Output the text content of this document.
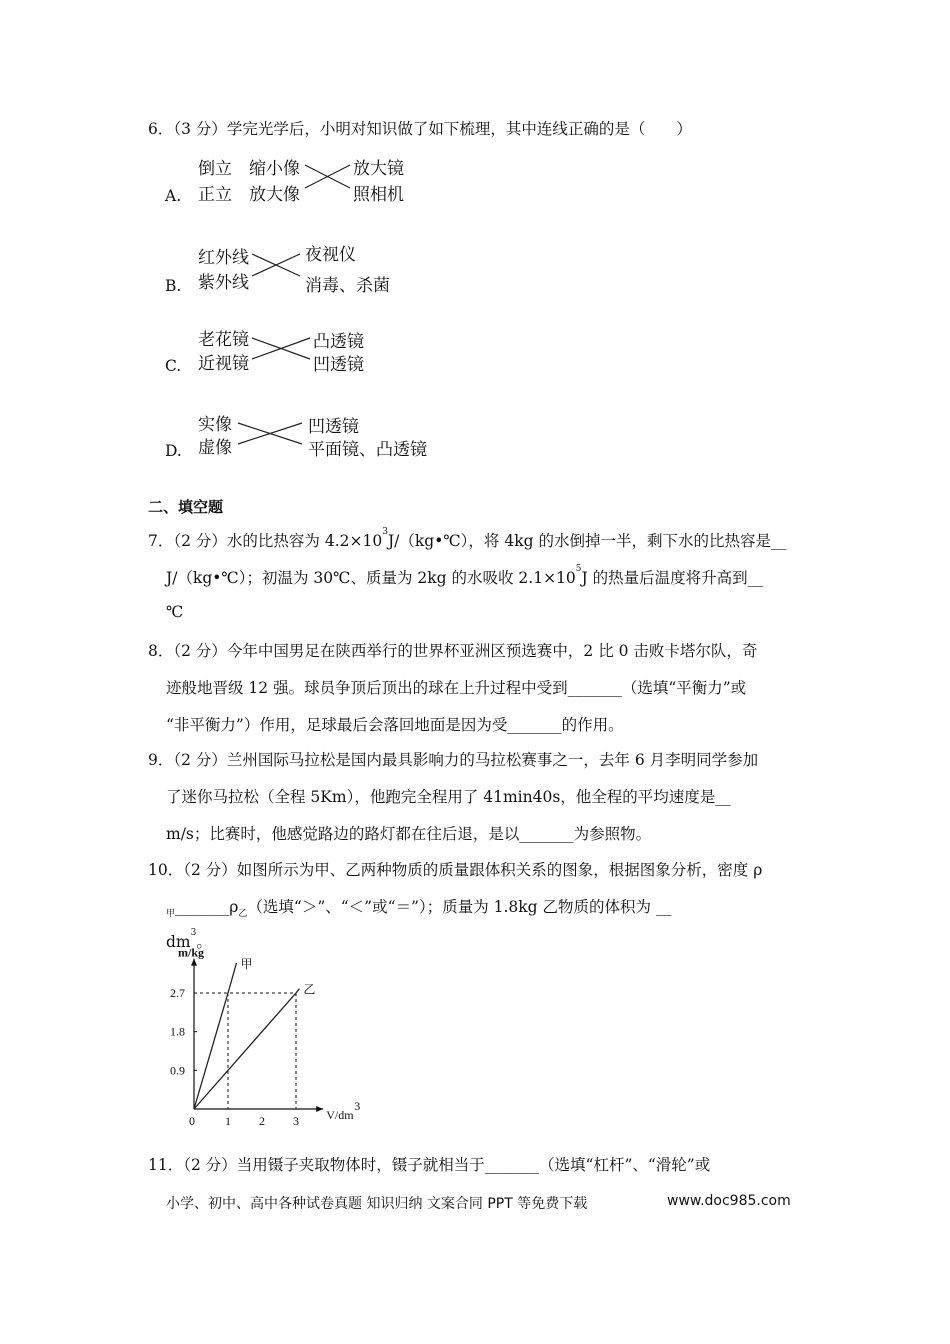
6．（3 分）学完光学后，小明对知识做了如下梳理，其中连线正确的是（　　）
A.
倒立
正立
缩小像
放大像
放大镜
照相机
B.
红外线
紫外线
夜视仪
消毒、杀菌
C.
老花镜
近视镜
凸透镜
凹透镜
D.
实像
虚像
凹透镜
平面镜、凸透镜
二、填空题
7．（2 分）水的比热容为 $4.2\times 10^3J/(kg•℃)$，将 4kg 的水倒掉一半，剩下水的比热容是__
J/（kg•℃）；初温为 30℃、质量为 2kg 的水吸收 $2.1\times 10^5J$ 的热量后温度将升高到__
℃
8．（2 分）今年中国男足在陕西举行的世界杯亚洲区预选赛中，2 比 0 击败卡塔尔队，奇
迹般地晋级 12 强。球员争顶后顶出的球在上升过程中受到_______（选填“平衡力”或
“非平衡力”）作用，足球最后会落回地面是因为受_______的作用。
9．（2 分）兰州国际马拉松是国内最具影响力的马拉松赛事之一，去年 6 月李明同学参加
了迷你马拉松（全程 5Km），他跑完全程用了 41min40s，他全程的平均速度是__
m/s；比赛时，他感觉路边的路灯都在往后退，是以_______为参照物。
10．（2 分）如图所示为甲、乙两种物质的质量跟体积关系的图象，根据图象分析，密度 ρ
$_甲\_\_\_\_\_\_\_\rho_乙$（选填“＞”、“＜”或“＝”）；质量为 1.8kg 乙物质的体积为 __
$dm^3$。
m/kg
V/dm
3
0	1 2 3
0.9
1.8
2.7
甲
乙
11．（2 分）当用镊子夹取物体时，镊子就相当于_______（选填“杠杆”、“滑轮”或
小学、初中、高中各种试卷真题 知识归纳 文案合同 PPT 等免费下载	www.doc985.com
